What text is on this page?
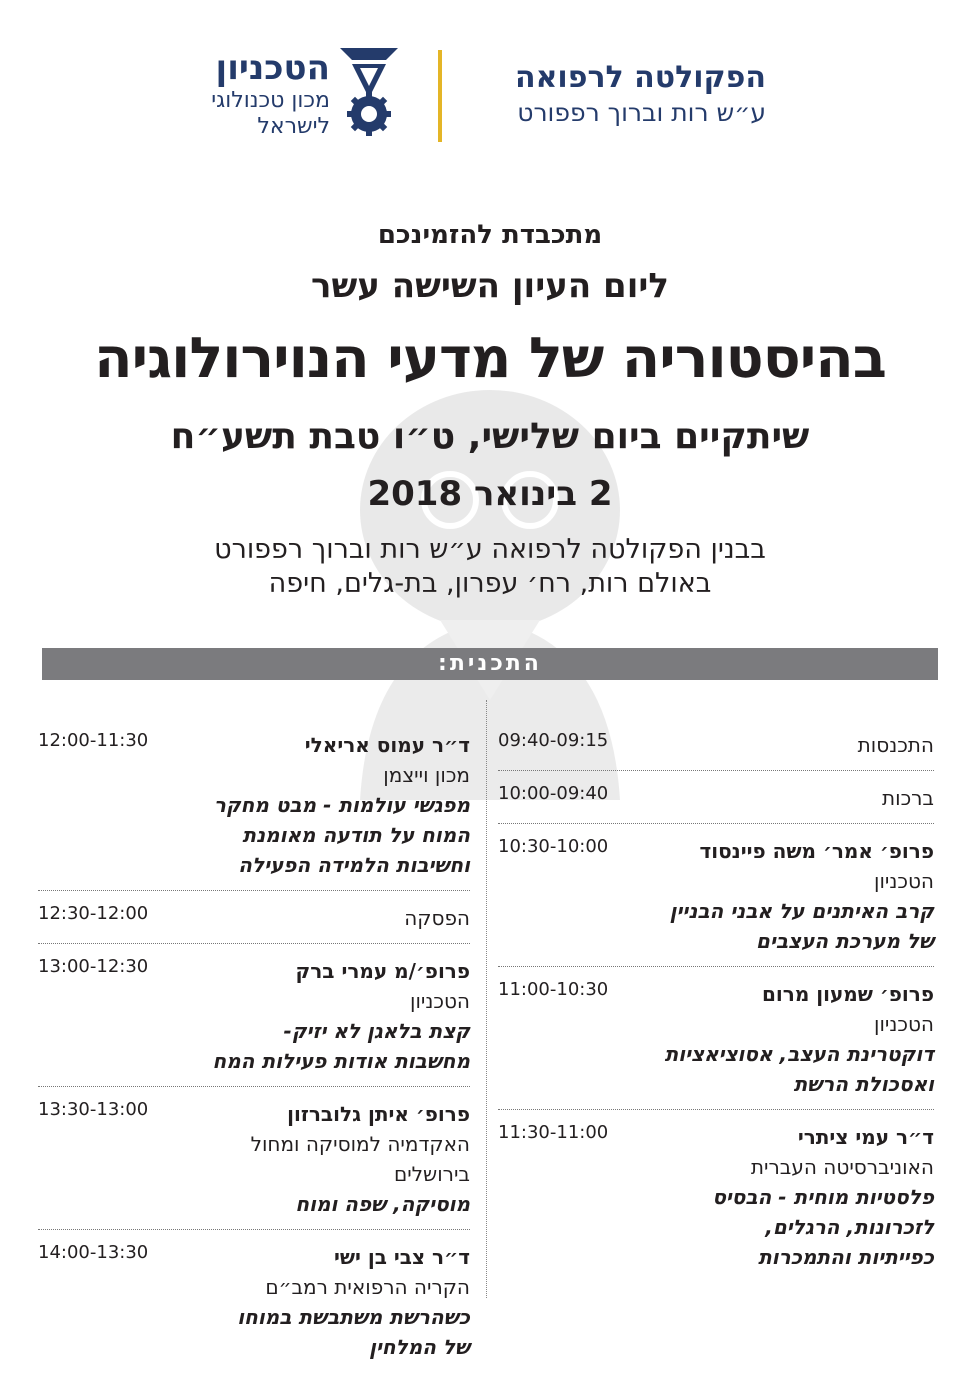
הפקולטה לרפואה
ע״ש רות וברוך רפפורט
הטכניון
מכון טכנולוגי
לישראל
מתכבדת להזמינכם
ליום העיון השישה עשר
בהיסטוריה של מדעי הנוירולוגיה
שיתקיים ביום שלישי, ט״ו טבת תשע״ח
2 בינואר 2018
בבנין הפקולטה לרפואה ע״ש רות וברוך רפפורט
באולם רות, רח׳ עפרון, בת-גלים, חיפה
התכנית:
09:40-09:15	התכנסות
10:00-09:40	ברכות
10:30-10:00	פרופ׳ אמר׳ משה פיינסוד
הטכניון
קרב האיתנים על אבני הבניין
של מערכת העצבים
11:00-10:30	פרופ׳ שמעון מרום
הטכניון
דוקטרינת העצב, אסוציאציות
ואסכולת הרשת
11:30-11:00	ד״ר עמי ציתרי
האוניברסיטה העברית
פלסטיות מוחית - הבסיס
לזכרונות, הרגלים,
כפייתיות והתמכרות
12:00-11:30	ד״ר עמוס אריאלי
מכון וייצמן
מפגשי עולמות - מבט מחקר
המוח על תודעה מאומנת
וחשיבות הלמידה הפעילה
12:30-12:00	הפסקה
13:00-12:30	פרופ׳/מ עמרי ברק
הטכניון
קצת בלאגן לא יזיק-
מחשבות אודות פעילות המח
13:30-13:00	פרופ׳ איתן גלוברזון
האקדמיה למוסיקה ומחול בירושלים
מוסיקה, שפה ומוח
14:00-13:30	ד״ר צבי בן ישי
הקריה הרפואית רמב״ם
כשהרשת משתבשת במוחו
של המלחין
